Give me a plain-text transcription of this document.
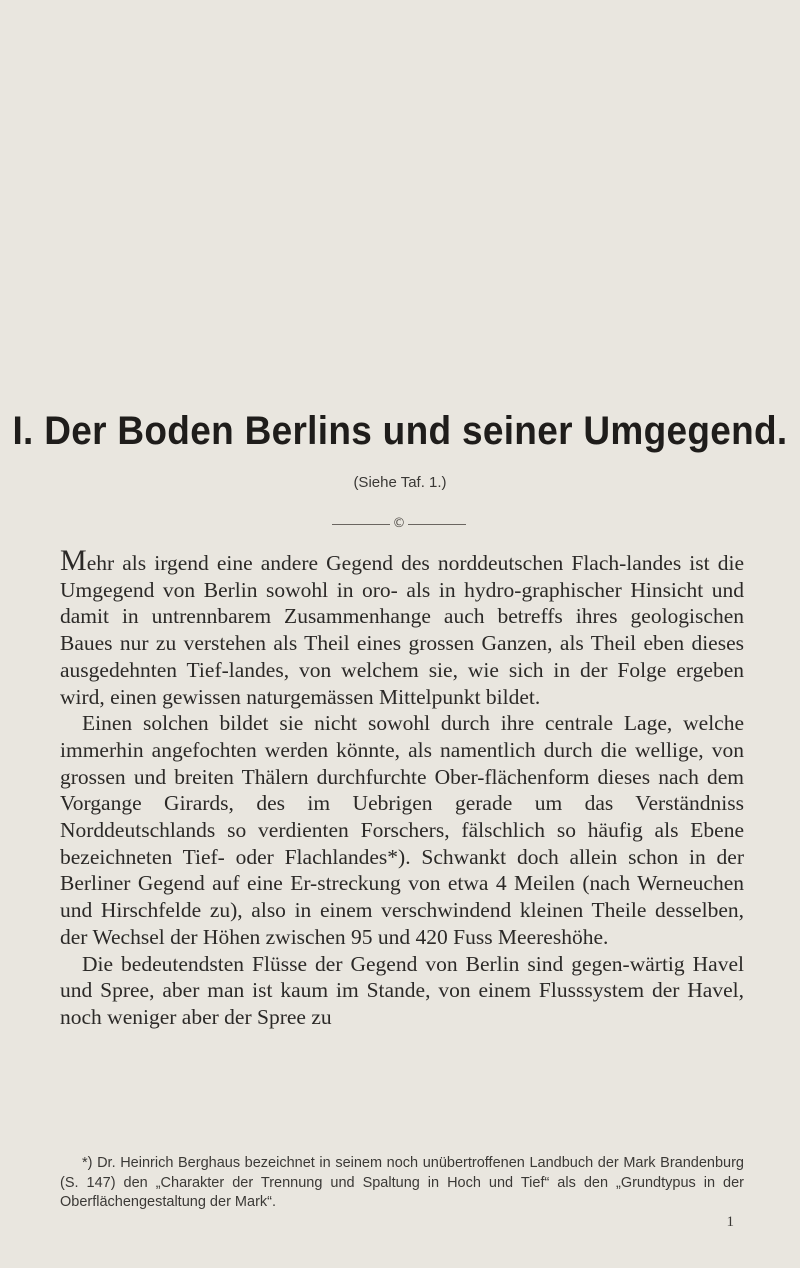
I. Der Boden Berlins und seiner Umgegend.
(Siehe Taf. 1.)
©

Mehr als irgend eine andere Gegend des norddeutschen Flach-landes ist die Umgegend von Berlin sowohl in oro- als in hydro-graphischer Hinsicht und damit in untrennbarem Zusammenhange auch betreffs ihres geologischen Baues nur zu verstehen als Theil eines grossen Ganzen, als Theil eben dieses ausgedehnten Tief-landes, von welchem sie, wie sich in der Folge ergeben wird, einen gewissen naturgemässen Mittelpunkt bildet.

Einen solchen bildet sie nicht sowohl durch ihre centrale Lage, welche immerhin angefochten werden könnte, als namentlich durch die wellige, von grossen und breiten Thälern durchfurchte Ober-flächenform dieses nach dem Vorgange Girards, des im Uebrigen gerade um das Verständniss Norddeutschlands so verdienten Forschers, fälschlich so häufig als Ebene bezeichneten Tief- oder Flachlandes*). Schwankt doch allein schon in der Berliner Gegend auf eine Er-streckung von etwa 4 Meilen (nach Werneuchen und Hirschfelde zu), also in einem verschwindend kleinen Theile desselben, der Wechsel der Höhen zwischen 95 und 420 Fuss Meereshöhe.

Die bedeutendsten Flüsse der Gegend von Berlin sind gegen-wärtig Havel und Spree, aber man ist kaum im Stande, von einem Flusssystem der Havel, noch weniger aber der Spree zu

*) Dr. Heinrich Berghaus bezeichnet in seinem noch unübertroffenen Landbuch der Mark Brandenburg (S. 147) den „Charakter der Trennung und Spaltung in Hoch und Tief“ als den „Grundtypus in der Oberflächengestaltung der Mark“.

1
